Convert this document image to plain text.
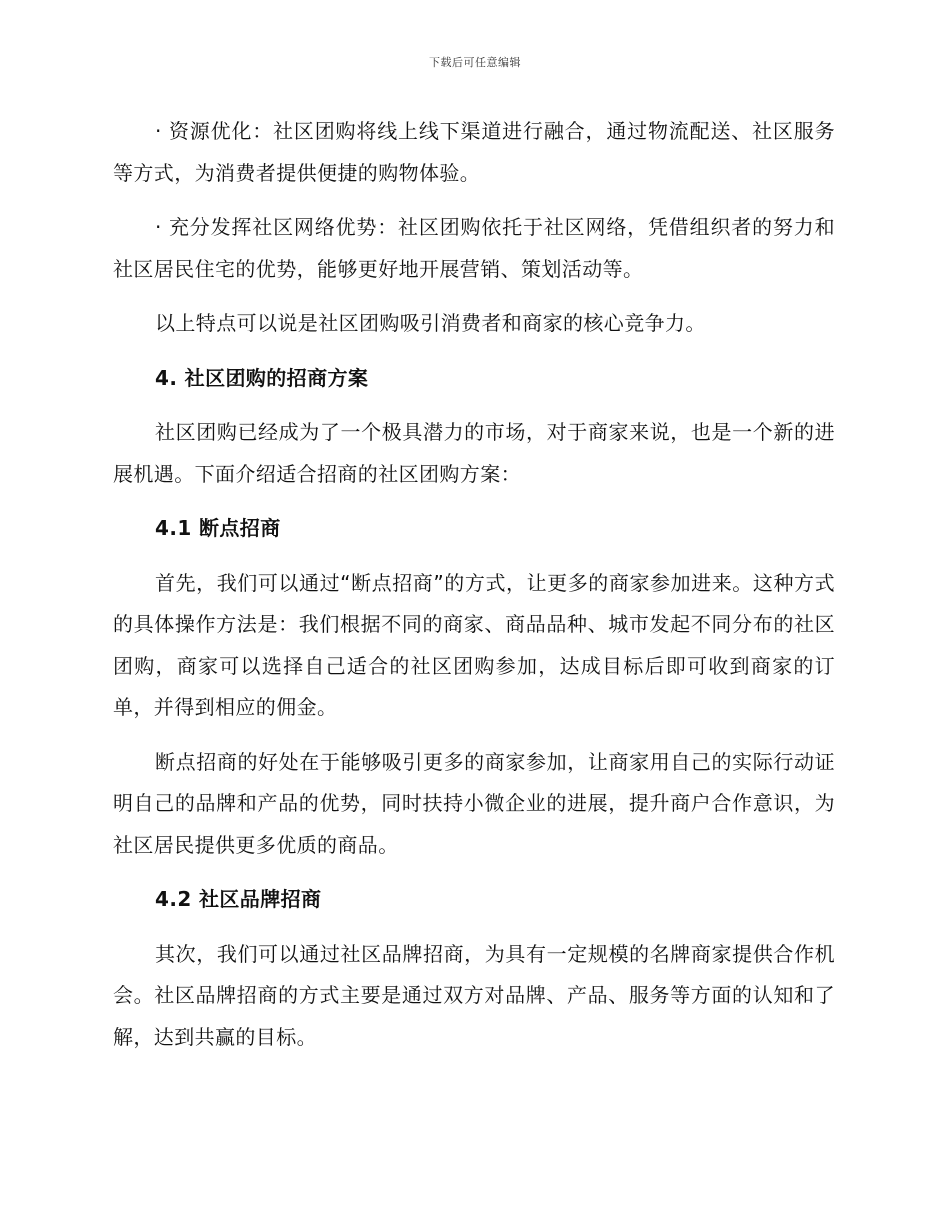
下载后可任意编辑

· 资源优化：社区团购将线上线下渠道进行融合，通过物流配送、社区服务等方式，为消费者提供便捷的购物体验。

· 充分发挥社区网络优势：社区团购依托于社区网络，凭借组织者的努力和社区居民住宅的优势，能够更好地开展营销、策划活动等。

以上特点可以说是社区团购吸引消费者和商家的核心竞争力。

4. 社区团购的招商方案

社区团购已经成为了一个极具潜力的市场，对于商家来说，也是一个新的进展机遇。下面介绍适合招商的社区团购方案：

4.1 断点招商

首先，我们可以通过“断点招商”的方式，让更多的商家参加进来。这种方式的具体操作方法是：我们根据不同的商家、商品品种、城市发起不同分布的社区团购，商家可以选择自己适合的社区团购参加，达成目标后即可收到商家的订单，并得到相应的佣金。

断点招商的好处在于能够吸引更多的商家参加，让商家用自己的实际行动证明自己的品牌和产品的优势，同时扶持小微企业的进展，提升商户合作意识，为社区居民提供更多优质的商品。

4.2 社区品牌招商

其次，我们可以通过社区品牌招商，为具有一定规模的名牌商家提供合作机会。社区品牌招商的方式主要是通过双方对品牌、产品、服务等方面的认知和了解，达到共赢的目标。
